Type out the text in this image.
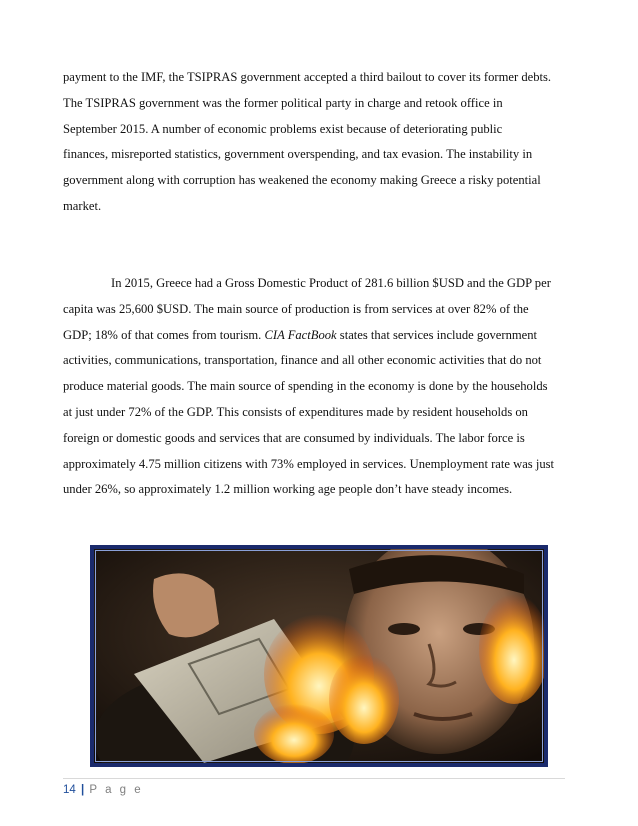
payment to the IMF, the TSIPRAS government accepted a third bailout to cover its former debts.

The TSIPRAS government was the former political party in charge and retook office in

September 2015. A number of economic problems exist because of deteriorating public

finances, misreported statistics, government overspending, and tax evasion. The instability in

government along with corruption has weakened the economy making Greece a risky potential

market.

In 2015, Greece had a Gross Domestic Product of 281.6 billion $USD and the GDP per

capita was 25,600 $USD. The main source of production is from services at over 82% of the

GDP; 18% of that comes from tourism. CIA FactBook states that services include government

activities, communications, transportation, finance and all other economic activities that do not

produce material goods. The main source of spending in the economy is done by the households

at just under 72% of the GDP. This consists of expenditures made by resident households on

foreign or domestic goods and services that are consumed by individuals. The labor force is

approximately 4.75 million citizens with 73% employed in services. Unemployment rate was just

under 26%, so approximately 1.2 million working age people don’t have steady incomes.

14 | P a g e
